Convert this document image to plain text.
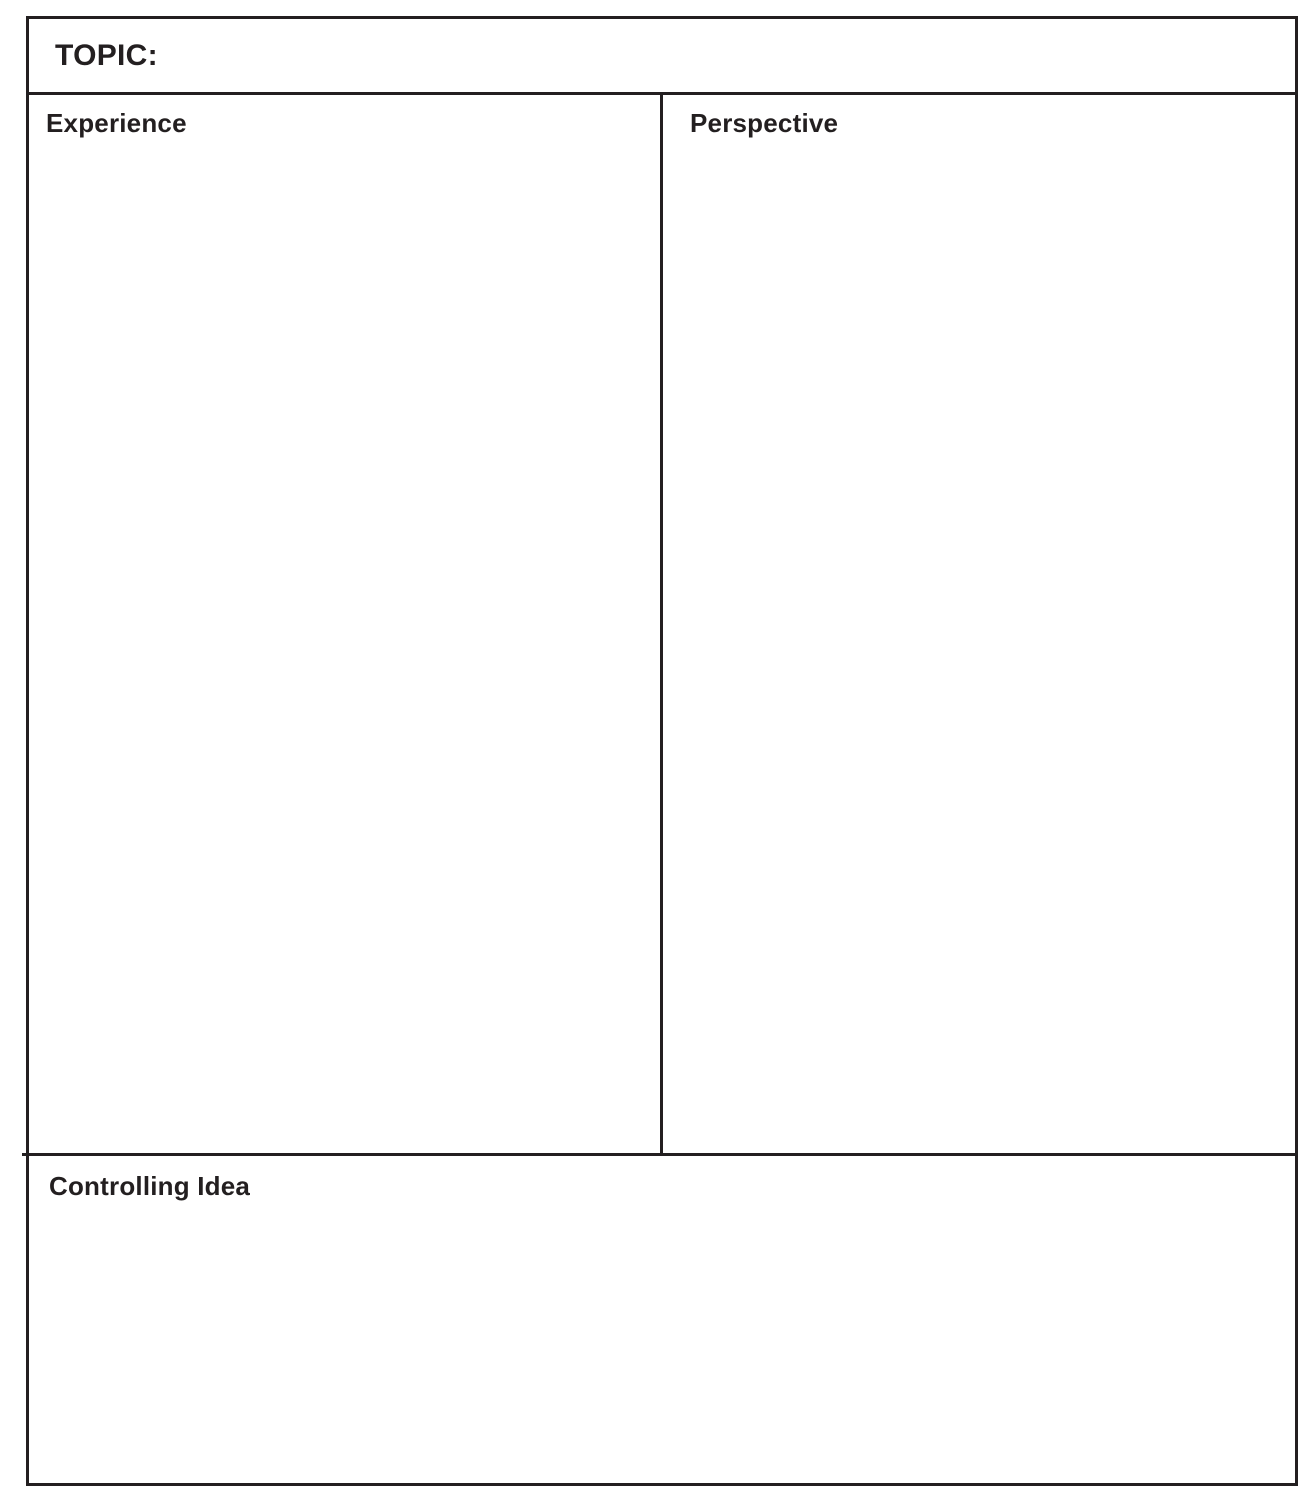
TOPIC:
Experience	Perspective
Controlling Idea
